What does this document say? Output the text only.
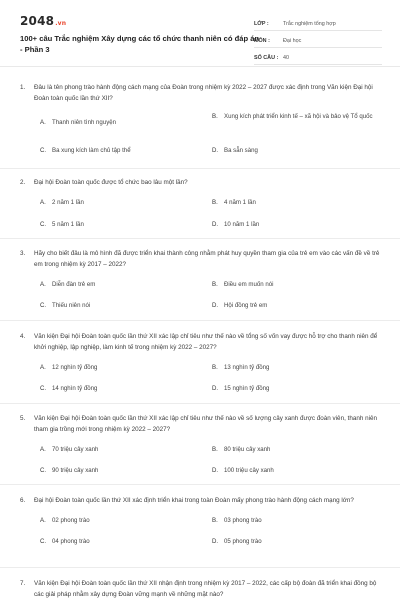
2048.vn
100+ câu Trắc nghiệm Xây dựng các tổ chức thanh niên có đáp án - Phần 3
LỚP :	Trắc nghiệm tổng hợp
MÔN :	Đại học
SỐ CÂU : 40
1. Đâu là tên phong trào hành động cách mạng của Đoàn trong nhiệm kỳ 2022 – 2027 được xác định trong Văn kiện Đại hội Đoàn toàn quốc lần thứ XII?
A. Thanh niên tình nguyện
B. Xung kích phát triển kinh tế – xã hội và bảo vệ Tổ quốc
C. Ba xung kích làm chủ tập thể	D. Ba sẵn sàng
2. Đại hội Đoàn toàn quốc được tổ chức bao lâu một lần?
A. 2 năm 1 lần	B. 4 năm 1 lần
C. 5 năm 1 lần	D. 10 năm 1 lần
3. Hãy cho biết đâu là mô hình đã được triển khai thành công nhằm phát huy quyền tham gia của trẻ em vào các vấn đề về trẻ em trong nhiệm kỳ 2017 – 2022?
A. Diễn đàn trẻ em	B. Điều em muốn nói
C. Thiếu niên nói	D. Hội đồng trẻ em
4. Văn kiện Đại hội Đoàn toàn quốc lần thứ XII xác lập chỉ tiêu như thế nào về tổng số vốn vay được hỗ trợ cho thanh niên để khởi nghiệp, lập nghiệp, làm kinh tế trong nhiệm kỳ 2022 – 2027?
A. 12 nghìn tỷ đồng	B. 13 nghìn tỷ đồng
C. 14 nghìn tỷ đồng	D. 15 nghìn tỷ đồng
5. Văn kiện Đại hội Đoàn toàn quốc lần thứ XII xác lập chỉ tiêu như thế nào về số lượng cây xanh được đoàn viên, thanh niên tham gia trồng mới trong nhiệm kỳ 2022 – 2027?
A. 70 triệu cây xanh	B. 80 triệu cây xanh
C. 90 triệu cây xanh	D. 100 triệu cây xanh
6. Đại hội Đoàn toàn quốc lần thứ XII xác định triển khai trong toàn Đoàn mấy phong trào hành động cách mạng lớn?
A. 02 phong trào	B. 03 phong trào
C. 04 phong trào	D. 05 phong trào
7. Văn kiện Đại hội Đoàn toàn quốc lần thứ XII nhận định trong nhiệm kỳ 2017 – 2022, các cấp bộ đoàn đã triển khai đồng bộ các giải pháp nhằm xây dựng Đoàn vững mạnh về những mặt nào?
